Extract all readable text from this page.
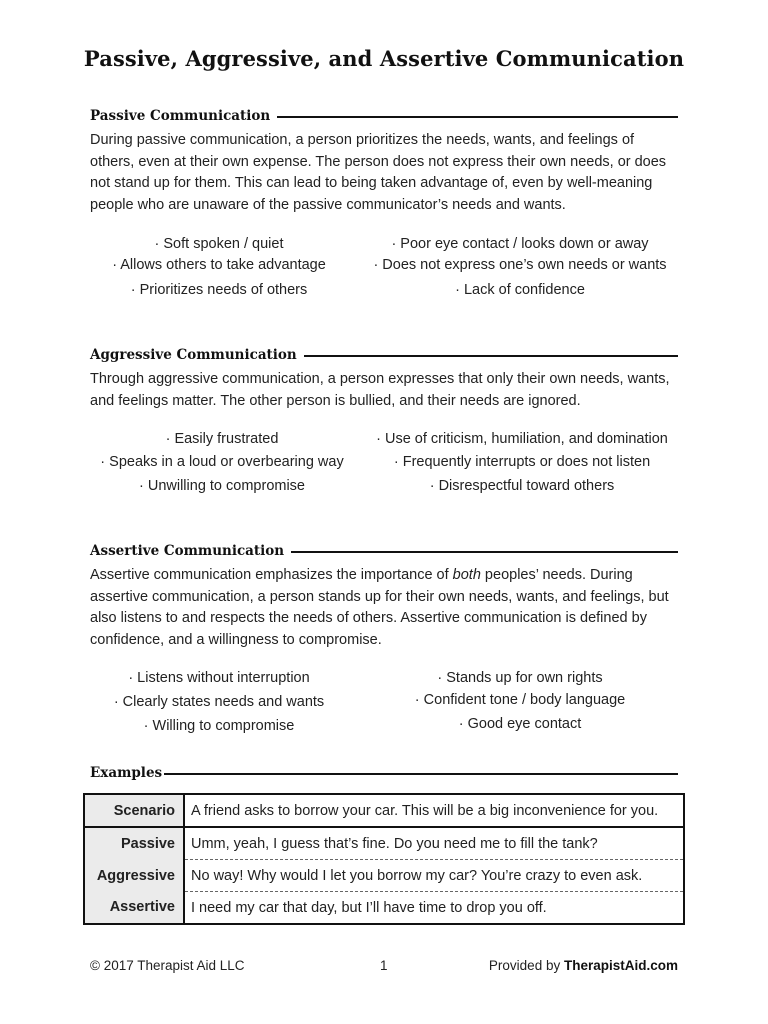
Passive, Aggressive, and Assertive Communication
Passive Communication
During passive communication, a person prioritizes the needs, wants, and feelings of others, even at their own expense. The person does not express their own needs, or does not stand up for them. This can lead to being taken advantage of, even by well-meaning people who are unaware of the passive communicator’s needs and wants.
· Soft spoken / quiet
· Allows others to take advantage
· Prioritizes needs of others
· Poor eye contact / looks down or away
· Does not express one’s own needs or wants
· Lack of confidence
Aggressive Communication
Through aggressive communication, a person expresses that only their own needs, wants, and feelings matter. The other person is bullied, and their needs are ignored.
· Easily frustrated
· Speaks in a loud or overbearing way
· Unwilling to compromise
· Use of criticism, humiliation, and domination
· Frequently interrupts or does not listen
· Disrespectful toward others
Assertive Communication
Assertive communication emphasizes the importance of both peoples’ needs. During assertive communication, a person stands up for their own needs, wants, and feelings, but also listens to and respects the needs of others. Assertive communication is defined by confidence, and a willingness to compromise.
· Listens without interruption
· Clearly states needs and wants
· Willing to compromise
· Stands up for own rights
· Confident tone / body language
· Good eye contact
Examples
Scenario	A friend asks to borrow your car. This will be a big inconvenience for you.
Passive	Umm, yeah, I guess that’s fine. Do you need me to fill the tank?
Aggressive	No way! Why would I let you borrow my car? You’re crazy to even ask.
Assertive	I need my car that day, but I’ll have time to drop you off.
© 2017 Therapist Aid LLC	1	Provided by TherapistAid.com
